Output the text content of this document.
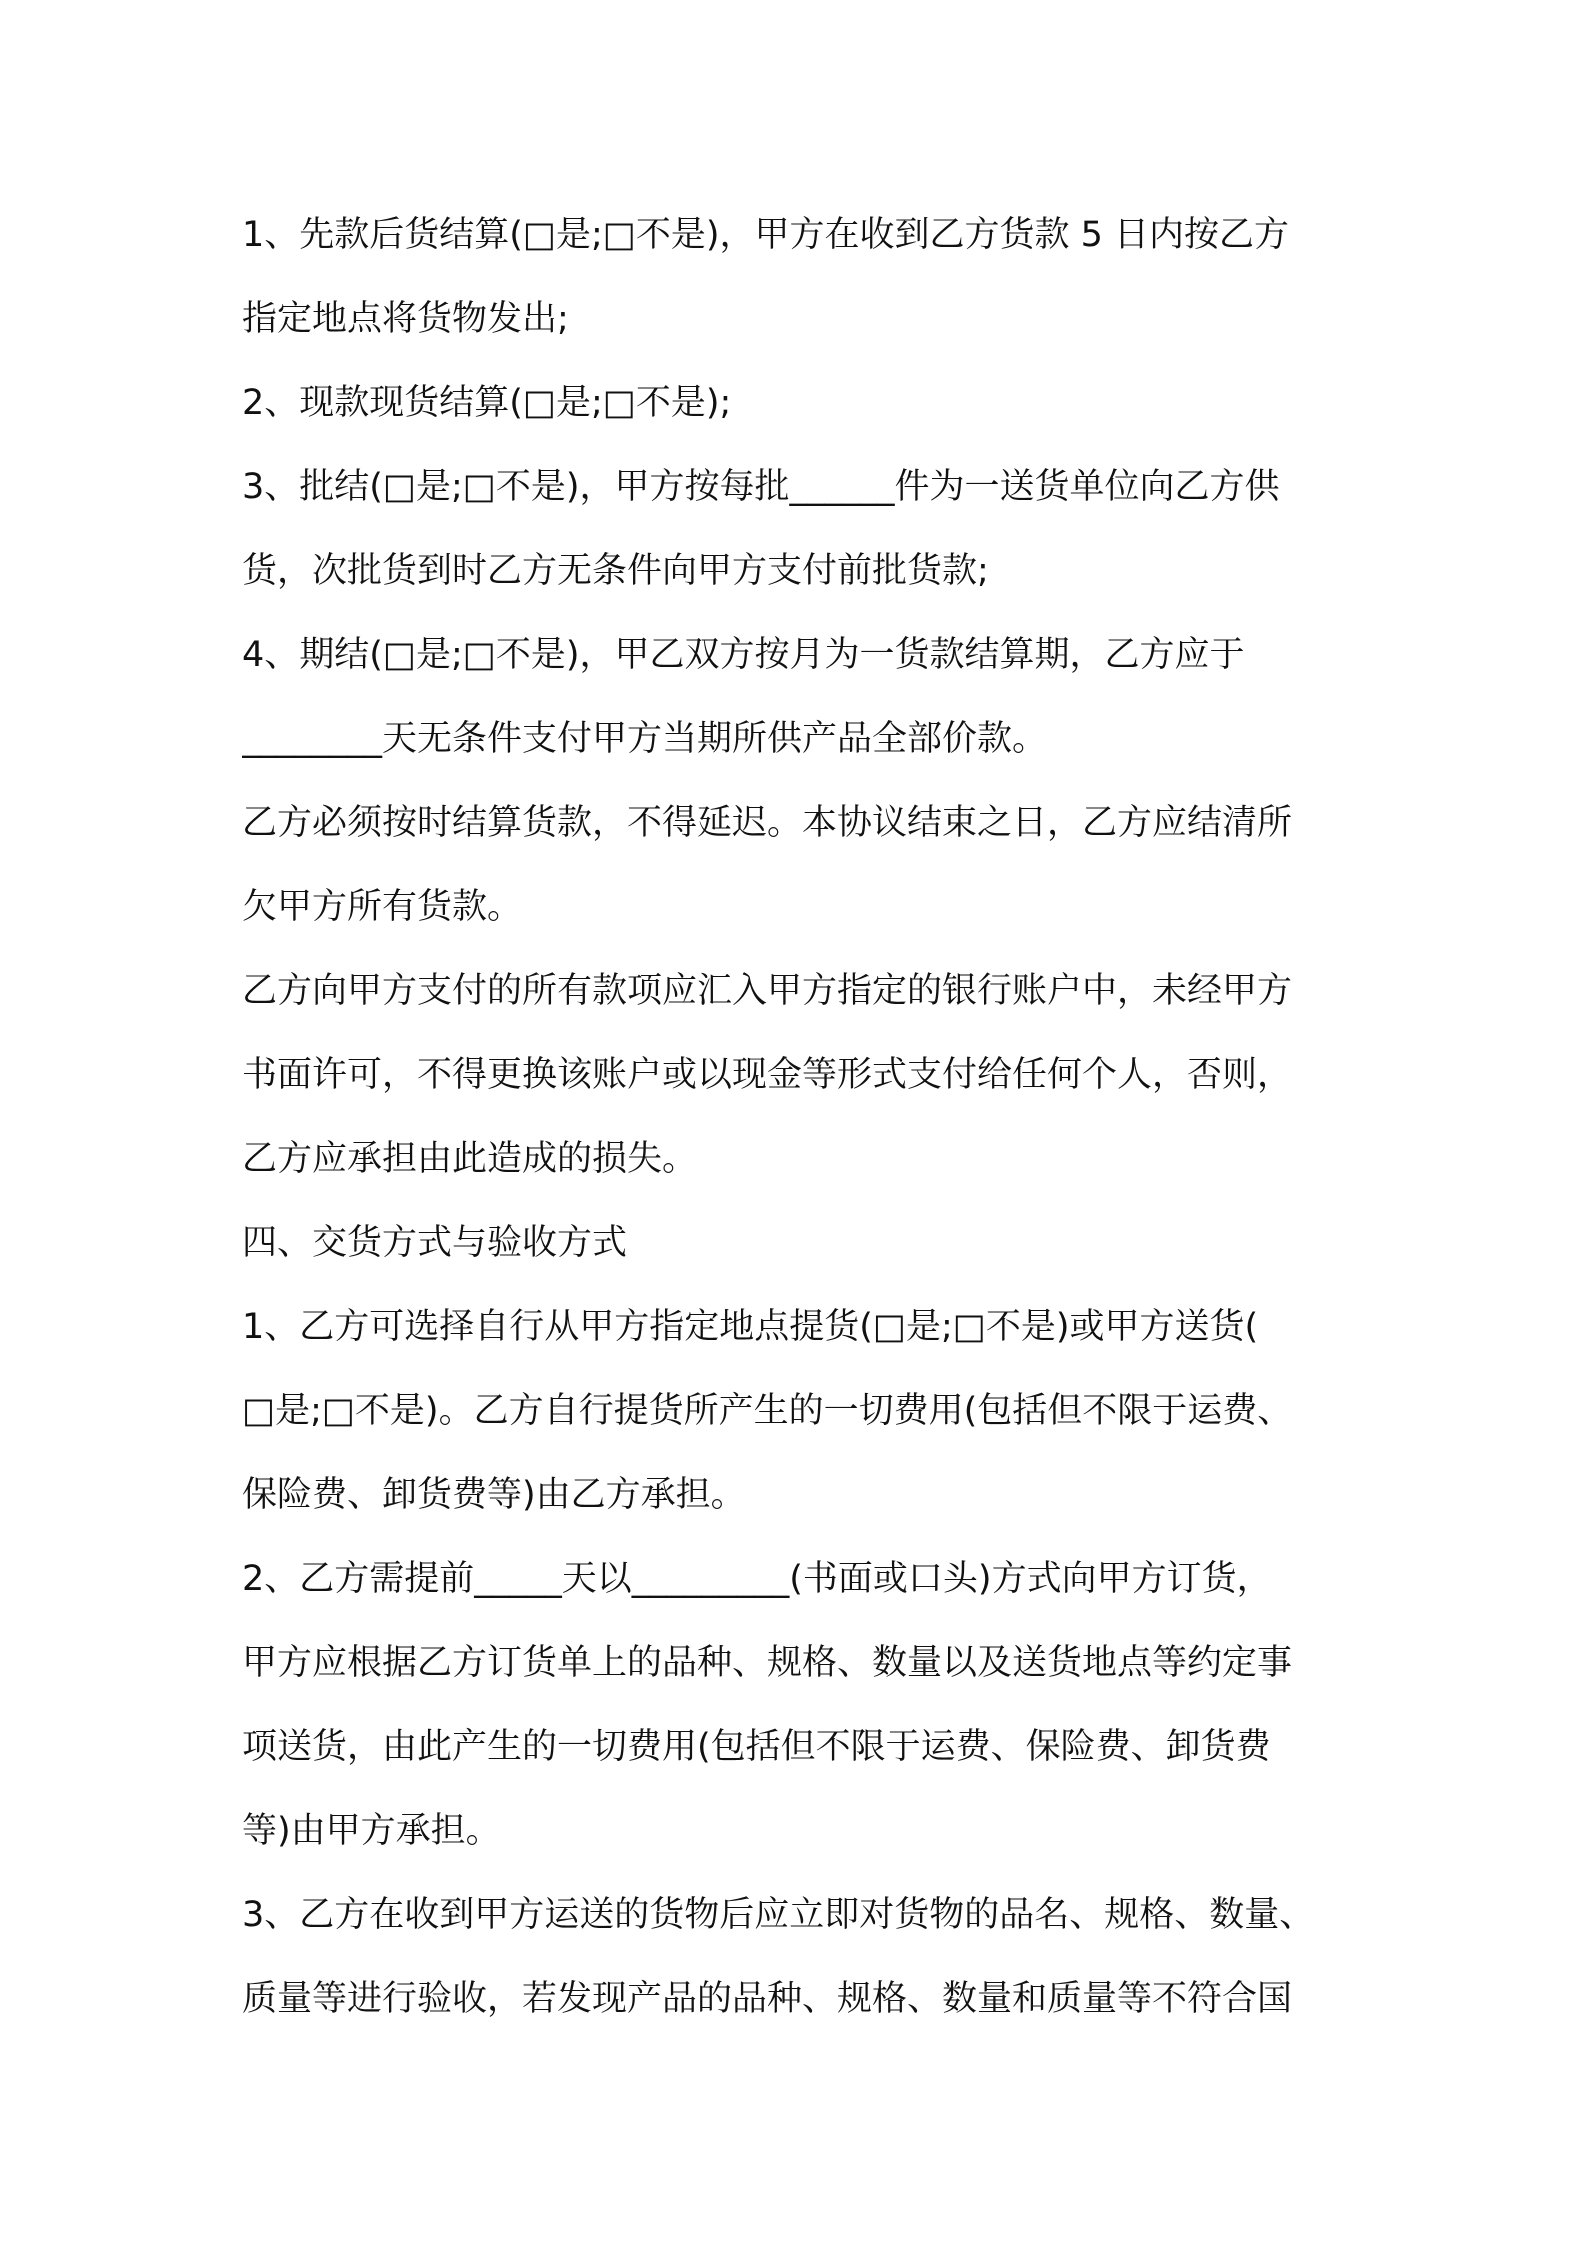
1、先款后货结算(□是;□不是)，甲方在收到乙方货款 5 日内按乙方
指定地点将货物发出;
2、现款现货结算(□是;□不是);
3、批结(□是;□不是)，甲方按每批______件为一送货单位向乙方供
货，次批货到时乙方无条件向甲方支付前批货款;
4、期结(□是;□不是)，甲乙双方按月为一货款结算期，乙方应于
________天无条件支付甲方当期所供产品全部价款。
乙方必须按时结算货款，不得延迟。本协议结束之日，乙方应结清所
欠甲方所有货款。
乙方向甲方支付的所有款项应汇入甲方指定的银行账户中，未经甲方
书面许可，不得更换该账户或以现金等形式支付给任何个人，否则，
乙方应承担由此造成的损失。
四、交货方式与验收方式
1、乙方可选择自行从甲方指定地点提货(□是;□不是)或甲方送货(
□是;□不是)。乙方自行提货所产生的一切费用(包括但不限于运费、
保险费、卸货费等)由乙方承担。
2、乙方需提前_____天以_________(书面或口头)方式向甲方订货，
甲方应根据乙方订货单上的品种、规格、数量以及送货地点等约定事
项送货，由此产生的一切费用(包括但不限于运费、保险费、卸货费
等)由甲方承担。
3、乙方在收到甲方运送的货物后应立即对货物的品名、规格、数量、
质量等进行验收，若发现产品的品种、规格、数量和质量等不符合国
